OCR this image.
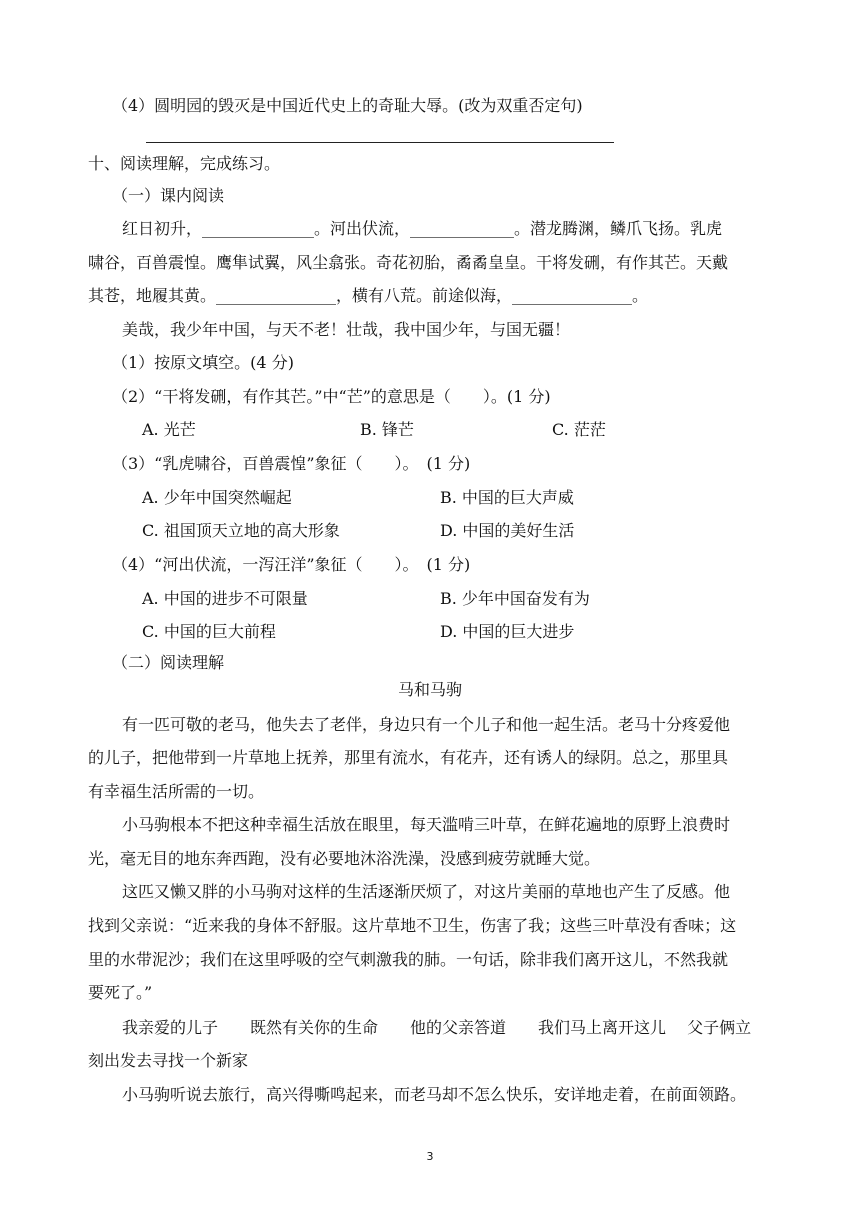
（4）圆明园的毁灭是中国近代史上的奇耻大辱。(改为双重否定句)
十、阅读理解，完成练习。
（一）课内阅读
红日初升，______________。河出伏流，_____________。潜龙腾渊，鳞爪飞扬。乳虎
啸谷，百兽震惶。鹰隼试翼，风尘翕张。奇花初胎，矞矞皇皇。干将发硎，有作其芒。天戴
其苍，地履其黄。_______________，横有八荒。前途似海，_______________。
美哉，我少年中国，与天不老！壮哉，我中国少年，与国无疆！
（1）按原文填空。(4 分)
（2）“干将发硎，有作其芒。”中“芒”的意思是（　　）。(1 分)
A. 光芒	B. 锋芒	C. 茫茫
（3）“乳虎啸谷，百兽震惶”象征（　　）。　(1 分)
A. 少年中国突然崛起	B. 中国的巨大声威
C. 祖国顶天立地的高大形象	D. 中国的美好生活
（4）“河出伏流，一泻汪洋”象征（　　）。　(1 分)
A. 中国的进步不可限量	B. 少年中国奋发有为
C. 中国的巨大前程	D. 中国的巨大进步
（二）阅读理解
马和马驹
有一匹可敬的老马，他失去了老伴，身边只有一个儿子和他一起生活。老马十分疼爱他
的儿子，把他带到一片草地上抚养，那里有流水，有花卉，还有诱人的绿阴。总之，那里具
有幸福生活所需的一切。
小马驹根本不把这种幸福生活放在眼里，每天滥啃三叶草，在鲜花遍地的原野上浪费时
光，毫无目的地东奔西跑，没有必要地沐浴洗澡，没感到疲劳就睡大觉。
这匹又懒又胖的小马驹对这样的生活逐渐厌烦了，对这片美丽的草地也产生了反感。他
找到父亲说：“近来我的身体不舒服。这片草地不卫生，伤害了我；这些三叶草没有香味；这
里的水带泥沙；我们在这里呼吸的空气刺激我的肺。一句话，除非我们离开这儿，不然我就
要死了。”
我亲爱的儿子　　既然有关你的生命　　他的父亲答道　　我们马上离开这儿　 父子俩立
刻出发去寻找一个新家
小马驹听说去旅行，高兴得嘶鸣起来，而老马却不怎么快乐，安详地走着，在前面领路。
3
